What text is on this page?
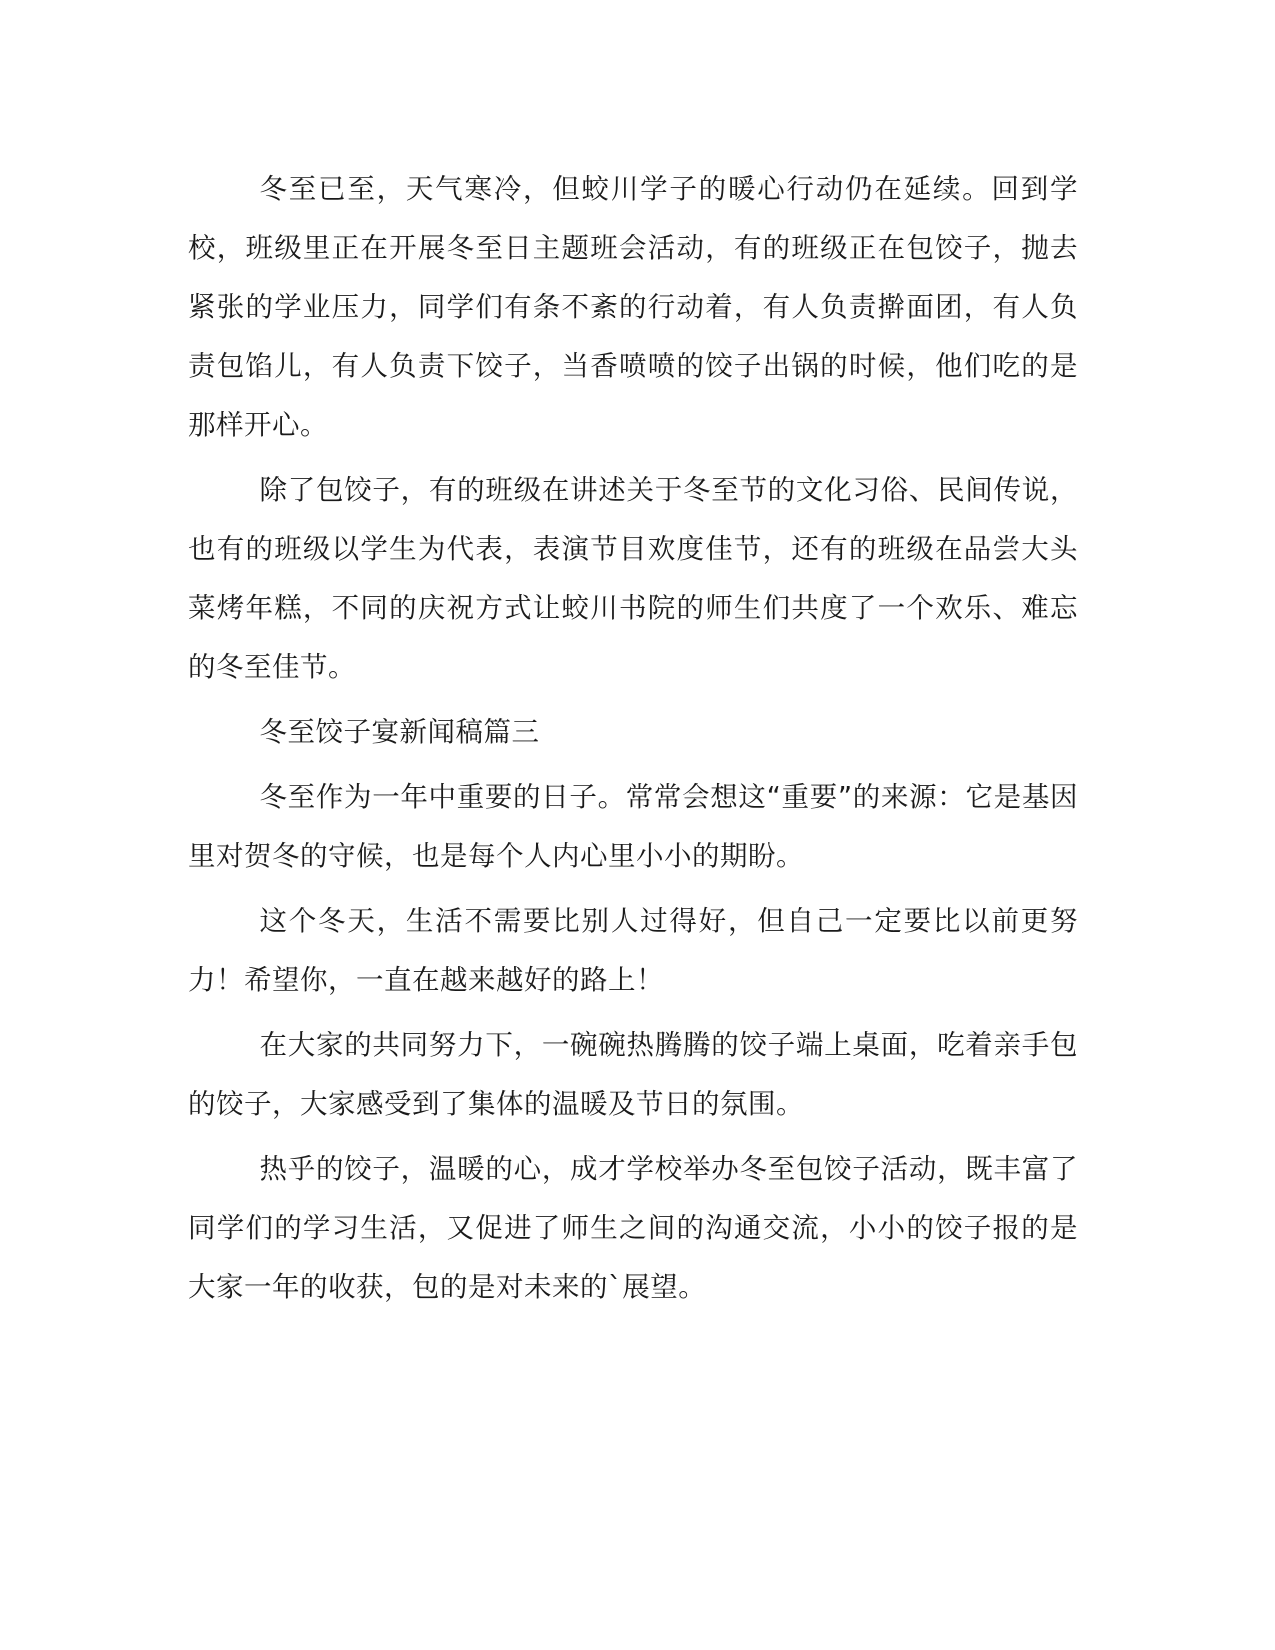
冬至已至，天气寒冷，但蛟川学子的暖心行动仍在延续。回到学校，班级里正在开展冬至日主题班会活动，有的班级正在包饺子，抛去紧张的学业压力，同学们有条不紊的行动着，有人负责擀面团，有人负责包馅儿，有人负责下饺子，当香喷喷的饺子出锅的时候，他们吃的是那样开心。

除了包饺子，有的班级在讲述关于冬至节的文化习俗、民间传说，也有的班级以学生为代表，表演节目欢度佳节，还有的班级在品尝大头菜烤年糕，不同的庆祝方式让蛟川书院的师生们共度了一个欢乐、难忘的冬至佳节。

冬至饺子宴新闻稿篇三

冬至作为一年中重要的日子。常常会想这“重要”的来源：它是基因里对贺冬的守候，也是每个人内心里小小的期盼。

这个冬天，生活不需要比别人过得好，但自己一定要比以前更努力！希望你，一直在越来越好的路上！

在大家的共同努力下，一碗碗热腾腾的饺子端上桌面，吃着亲手包的饺子，大家感受到了集体的温暖及节日的氛围。

热乎的饺子，温暖的心，成才学校举办冬至包饺子活动，既丰富了同学们的学习生活，又促进了师生之间的沟通交流，小小的饺子报的是大家一年的收获，包的是对未来的`展望。
